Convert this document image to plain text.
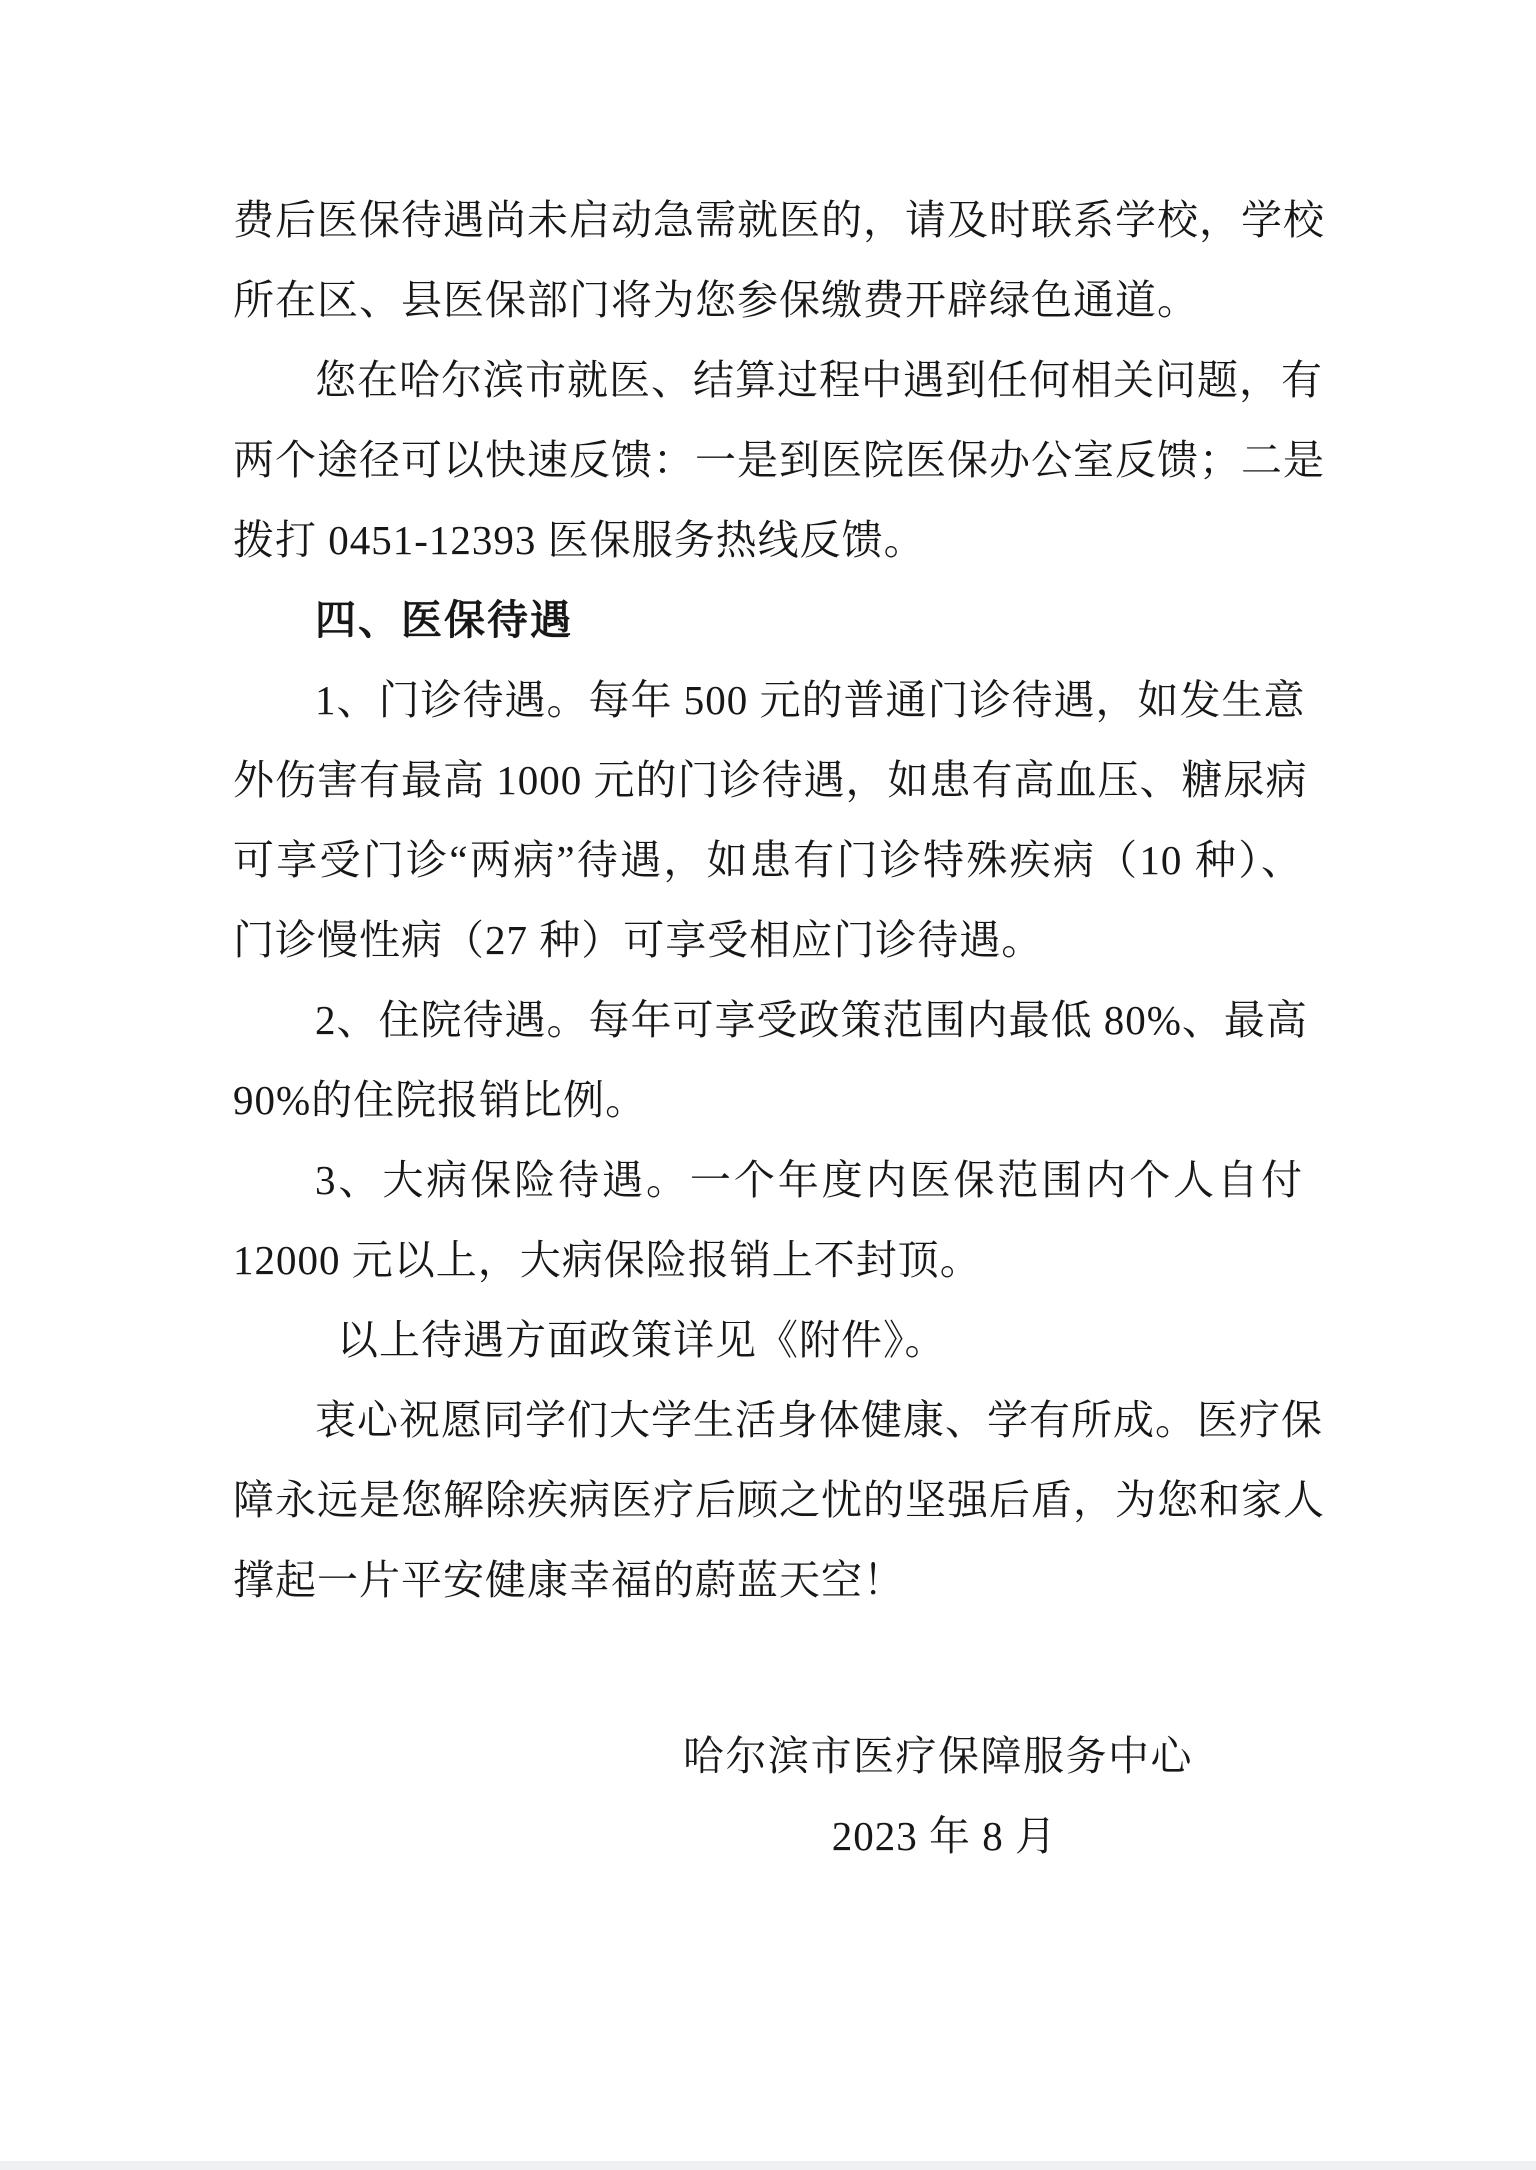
费后医保待遇尚未启动急需就医的，请及时联系学校，学校
所在区、县医保部门将为您参保缴费开辟绿色通道。
您在哈尔滨市就医、结算过程中遇到任何相关问题，有
两个途径可以快速反馈：一是到医院医保办公室反馈；二是
拨打 0451-12393 医保服务热线反馈。
四、医保待遇
1、门诊待遇。每年 500 元的普通门诊待遇，如发生意
外伤害有最高 1000 元的门诊待遇，如患有高血压、糖尿病
可享受门诊“两病”待遇，如患有门诊特殊疾病（10 种）、
门诊慢性病（27 种）可享受相应门诊待遇。
2、住院待遇。每年可享受政策范围内最低 80%、最高
90%的住院报销比例。
3、大病保险待遇。一个年度内医保范围内个人自付
12000 元以上，大病保险报销上不封顶。
以上待遇方面政策详见《附件》。
衷心祝愿同学们大学生活身体健康、学有所成。医疗保
障永远是您解除疾病医疗后顾之忧的坚强后盾，为您和家人
撑起一片平安健康幸福的蔚蓝天空！
哈尔滨市医疗保障服务中心
2023 年 8 月
